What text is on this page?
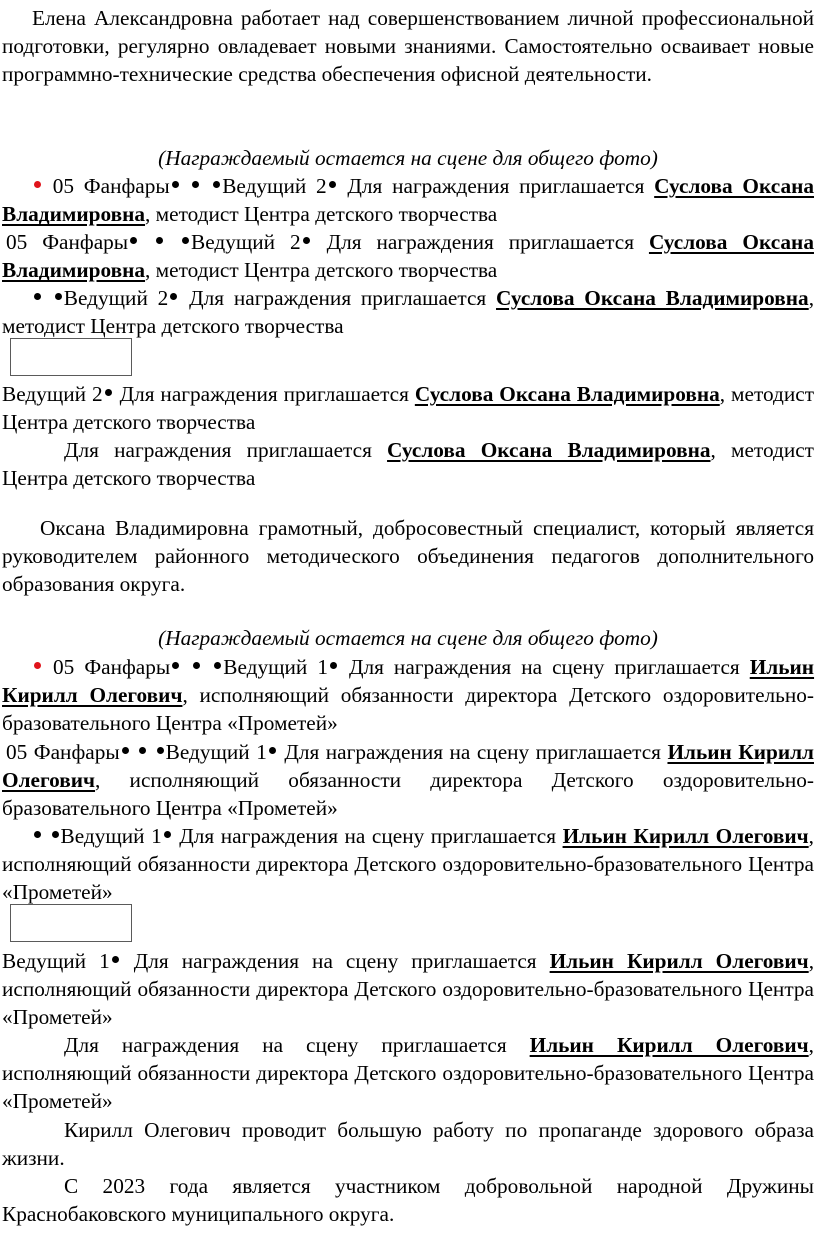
Елена Александровна работает над совершенствованием личной профессиональной подготовки, регулярно овладевает новыми знаниями. Самостоятельно осваивает новые программно-технические средства обеспечения офисной деятельности.

(Награждаемый остается на сцене для общего фото)

05 Фанфары Ведущий 2 Для награждения приглашается Суслова Оксана Владимировна, методист Центра детского творчества

05 Фанфары	Ведущий 2 Для награждения приглашается Суслова Оксана Владимировна, методист Центра детского творчества

Ведущий 2 Для награждения приглашается Суслова Оксана Владимировна, методист Центра детского творчества

Ведущий 2 Для награждения приглашается Суслова Оксана Владимировна, методист Центра детского творчества

Для награждения приглашается Суслова Оксана Владимировна, методист Центра детского творчества

Оксана Владимировна грамотный, добросовестный специалист, который является руководителем районного методического объединения педагогов дополнительного образования округа.

(Награждаемый остается на сцене для общего фото)

05 Фанфары Ведущий 1 Для награждения на сцену приглашается Ильин Кирилл Олегович, исполняющий обязанности директора Детского оздоровительно-бразовательного Центра «Прометей»

05 Фанфары Ведущий 1 Для награждения на сцену приглашается Ильин Кирилл Олегович, исполняющий обязанности директора Детского оздоровительно-бразовательного Центра «Прометей»

Ведущий 1 Для награждения на сцену приглашается Ильин Кирилл Олегович, исполняющий обязанности директора Детского оздоровительно-бразовательного Центра «Прометей»

Ведущий 1 Для награждения на сцену приглашается Ильин Кирилл Олегович, исполняющий обязанности директора Детского оздоровительно-бразовательного Центра «Прометей»

Для награждения на сцену приглашается Ильин Кирилл Олегович, исполняющий обязанности директора Детского оздоровительно-бразовательного Центра «Прометей»

Кирилл Олегович проводит большую работу по пропаганде здорового образа жизни.

С 2023 года является участником добровольной народной Дружины Краснобаковского муниципального округа.
